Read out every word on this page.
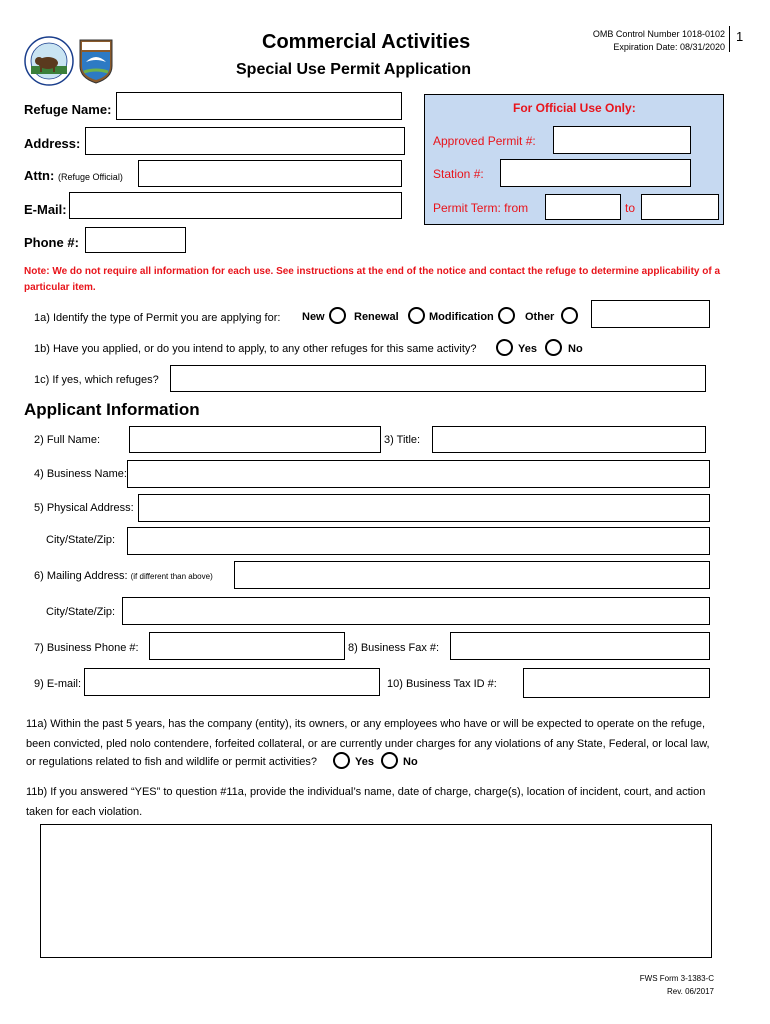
Commercial Activities
Special Use Permit Application
OMB Control Number 1018-0102
Expiration Date: 08/31/2020
1
Refuge Name:
Address:
Attn: (Refuge Official)
E-Mail:
Phone #:
For Official Use Only:
Approved Permit #:
Station #:
Permit Term: from	to
Note: We do not require all information for each use. See instructions at the end of the notice and contact the refuge to determine applicability of a particular item.
1a) Identify the type of Permit you are applying for: New	Renewal	Modification	Other
1b) Have you applied, or do you intend to apply, to any other refuges for this same activity?	Yes	No
1c) If yes, which refuges?
Applicant Information
2) Full Name:	3) Title:
4) Business Name:
5) Physical Address:
City/State/Zip:
6) Mailing Address: (if different than above)
City/State/Zip:
7) Business Phone #:	8) Business Fax #:
9) E-mail:	10) Business Tax ID #:
11a) Within the past 5 years, has the company (entity), its owners, or any employees who have or will be expected to operate on the refuge,
been convicted, pled nolo contendere, forfeited collateral, or are currently under charges for any violations of any State, Federal, or local law,
or regulations related to fish and wildlife or permit activities?	Yes	No
11b) If you answered “YES” to question #11a, provide the individual’s name, date of charge, charge(s), location of incident, court, and action
taken for each violation.
FWS Form 3-1383-C
Rev. 06/2017
